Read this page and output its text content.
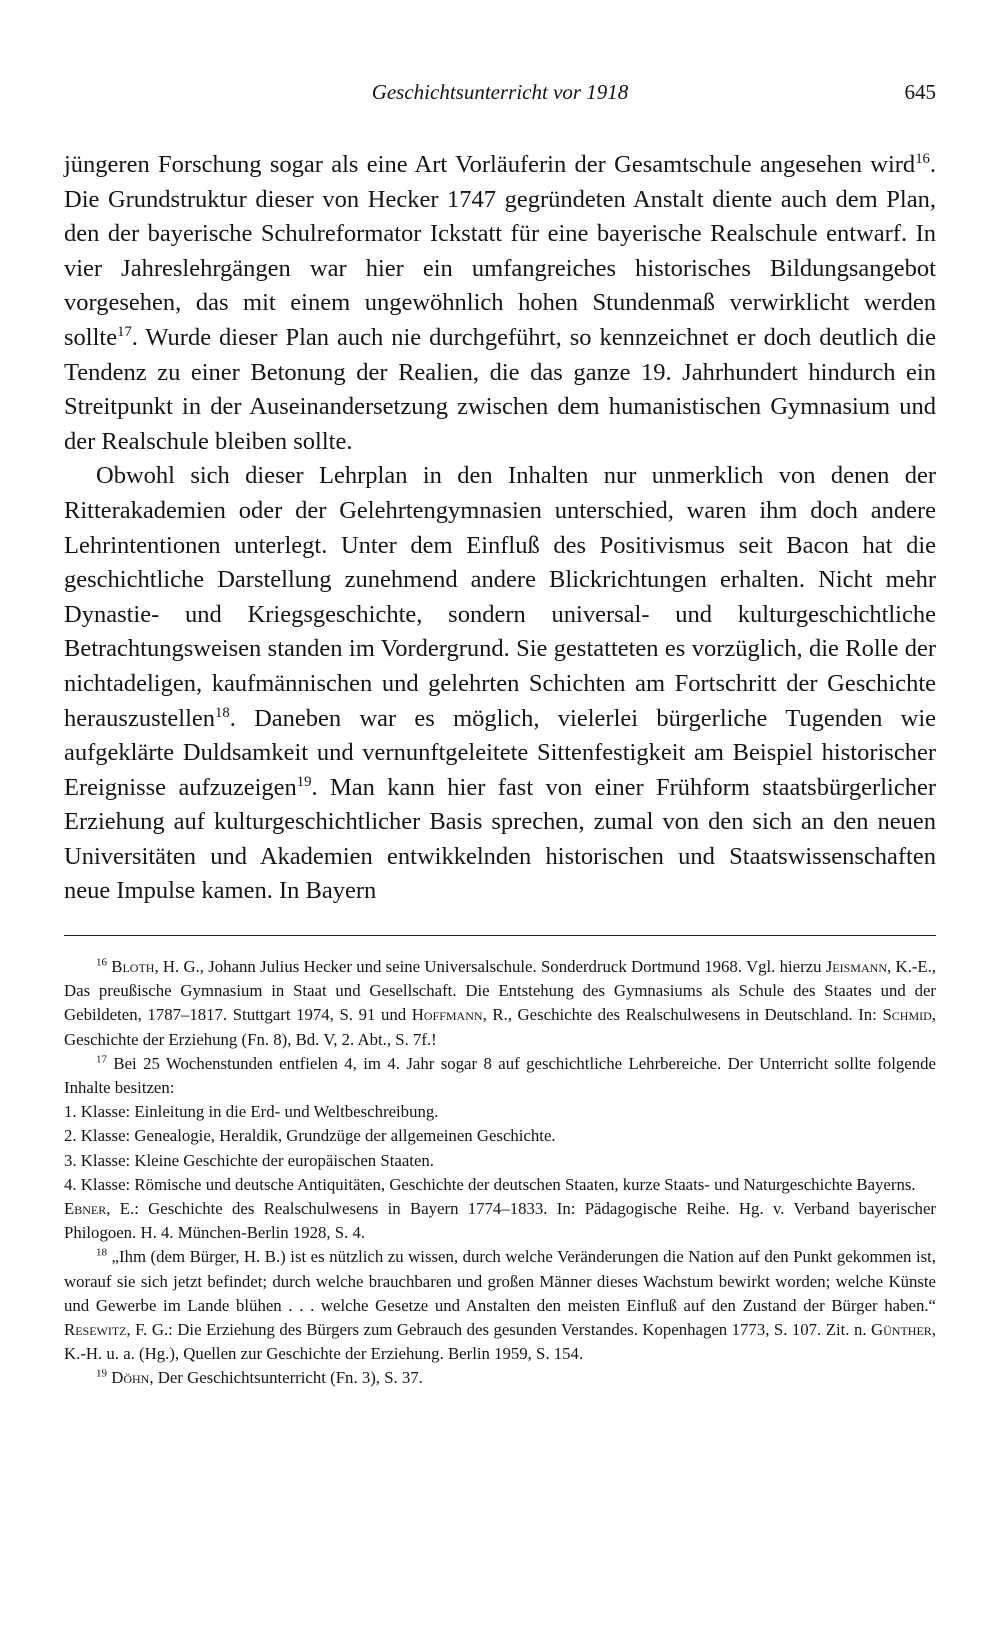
Geschichtsunterricht vor 1918	645

jüngeren Forschung sogar als eine Art Vorläuferin der Gesamtschule angesehen wird$^{16}$. Die Grundstruktur dieser von Hecker 1747 gegründeten Anstalt diente auch dem Plan, den der bayerische Schulreformator Ickstatt für eine bayerische Realschule entwarf. In vier Jahreslehrgängen war hier ein umfangreiches historisches Bildungsangebot vorgesehen, das mit einem ungewöhnlich hohen Stundenmaß verwirklicht werden sollte$^{17}$. Wurde dieser Plan auch nie durchgeführt, so kennzeichnet er doch deutlich die Tendenz zu einer Betonung der Realien, die das ganze 19. Jahrhundert hindurch ein Streitpunkt in der Auseinandersetzung zwischen dem humanistischen Gymnasium und der Realschule bleiben sollte.

Obwohl sich dieser Lehrplan in den Inhalten nur unmerklich von denen der Ritterakademien oder der Gelehrtengymnasien unterschied, waren ihm doch andere Lehrintentionen unterlegt. Unter dem Einfluß des Positivismus seit Bacon hat die geschichtliche Darstellung zunehmend andere Blickrichtungen erhalten. Nicht mehr Dynastie- und Kriegsgeschichte, sondern universal- und kulturgeschichtliche Betrachtungsweisen standen im Vordergrund. Sie gestatteten es vorzüglich, die Rolle der nichtadeligen, kaufmännischen und gelehrten Schichten am Fortschritt der Geschichte herauszustellen$^{18}$. Daneben war es möglich, vielerlei bürgerliche Tugenden wie aufgeklärte Duldsamkeit und vernunftgeleitete Sittenfestigkeit am Beispiel historischer Ereignisse aufzuzeigen$^{19}$. Man kann hier fast von einer Frühform staatsbürgerlicher Erziehung auf kulturgeschichtlicher Basis sprechen, zumal von den sich an den neuen Universitäten und Akademien entwikkelnden historischen und Staatswissenschaften neue Impulse kamen. In Bayern

$^{16}$ Bloth, H. G., Johann Julius Hecker und seine Universalschule. Sonderdruck Dortmund 1968. Vgl. hierzu Jeismann, K.-E., Das preußische Gymnasium in Staat und Gesellschaft. Die Entstehung des Gymnasiums als Schule des Staates und der Gebildeten, 1787–1817. Stuttgart 1974, S. 91 und Hoffmann, R., Geschichte des Realschulwesens in Deutschland. In: Schmid, Geschichte der Erziehung (Fn. 8), Bd. V, 2. Abt., S. 7f.!

$^{17}$ Bei 25 Wochenstunden entfielen 4, im 4. Jahr sogar 8 auf geschichtliche Lehrbereiche. Der Unterricht sollte folgende Inhalte besitzen:

1. Klasse: Einleitung in die Erd- und Weltbeschreibung.

2. Klasse: Genealogie, Heraldik, Grundzüge der allgemeinen Geschichte.

3. Klasse: Kleine Geschichte der europäischen Staaten.

4. Klasse: Römische und deutsche Antiquitäten, Geschichte der deutschen Staaten, kurze Staats- und Naturgeschichte Bayerns.

Ebner, E.: Geschichte des Realschulwesens in Bayern 1774–1833. In: Pädagogische Reihe. Hg. v. Verband bayerischer Philogoen. H. 4. München-Berlin 1928, S. 4.

$^{18}$ „Ihm (dem Bürger, H. B.) ist es nützlich zu wissen, durch welche Veränderungen die Nation auf den Punkt gekommen ist, worauf sie sich jetzt befindet; durch welche brauchbaren und großen Männer dieses Wachstum bewirkt worden; welche Künste und Gewerbe im Lande blühen . . . welche Gesetze und Anstalten den meisten Einfluß auf den Zustand der Bürger haben.“ Resewitz, F. G.: Die Erziehung des Bürgers zum Gebrauch des gesunden Verstandes. Kopenhagen 1773, S. 107. Zit. n. Günther, K.-H. u. a. (Hg.), Quellen zur Geschichte der Erziehung. Berlin 1959, S. 154.

$^{19}$ Döhn, Der Geschichtsunterricht (Fn. 3), S. 37.
